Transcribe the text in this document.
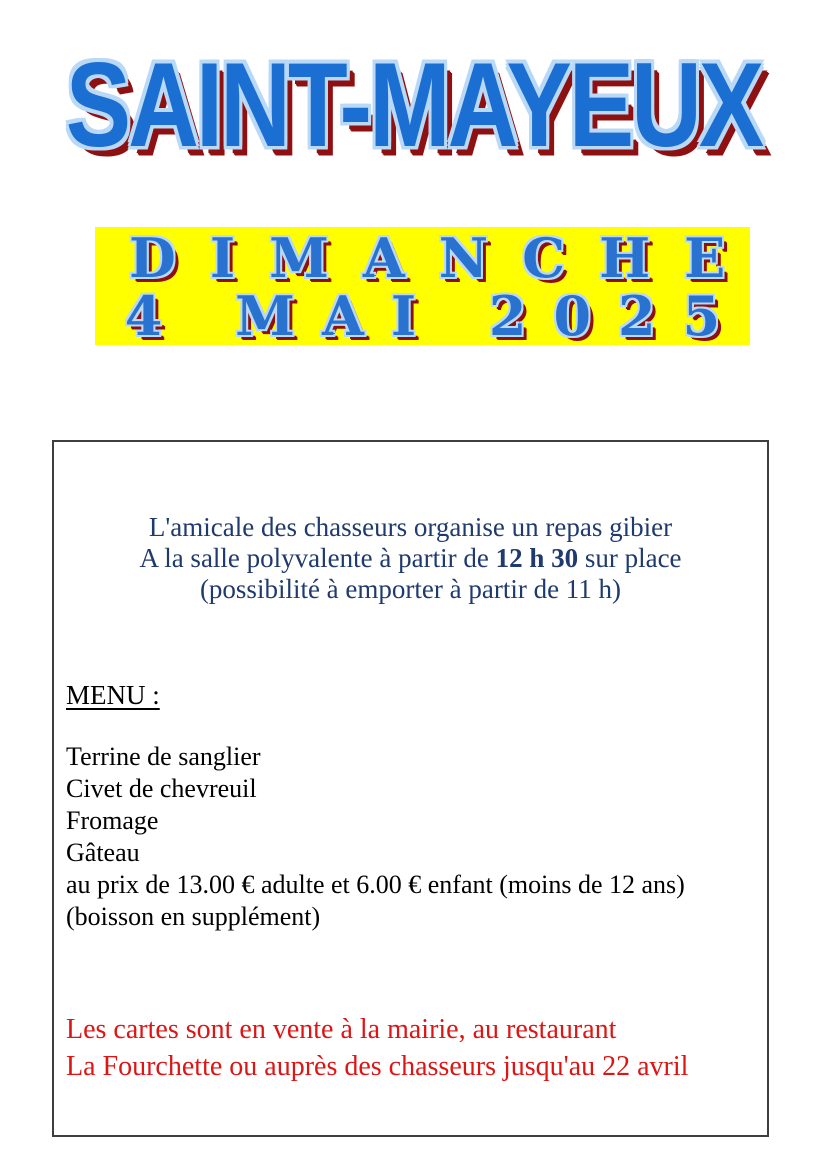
SAINT-MAYEUX
DIMANCHE
4 MAI 2025
L'amicale des chasseurs organise un repas gibier
A la salle polyvalente à partir de 12 h 30 sur place
(possibilité à emporter à partir de 11 h)
MENU :
Terrine de sanglier
Civet de chevreuil
Fromage
Gâteau
au prix de 13.00 € adulte et 6.00 € enfant (moins de 12 ans)
(boisson en supplément)
Les cartes sont en vente à la mairie, au restaurant
La Fourchette ou auprès des chasseurs jusqu'au 22 avril
